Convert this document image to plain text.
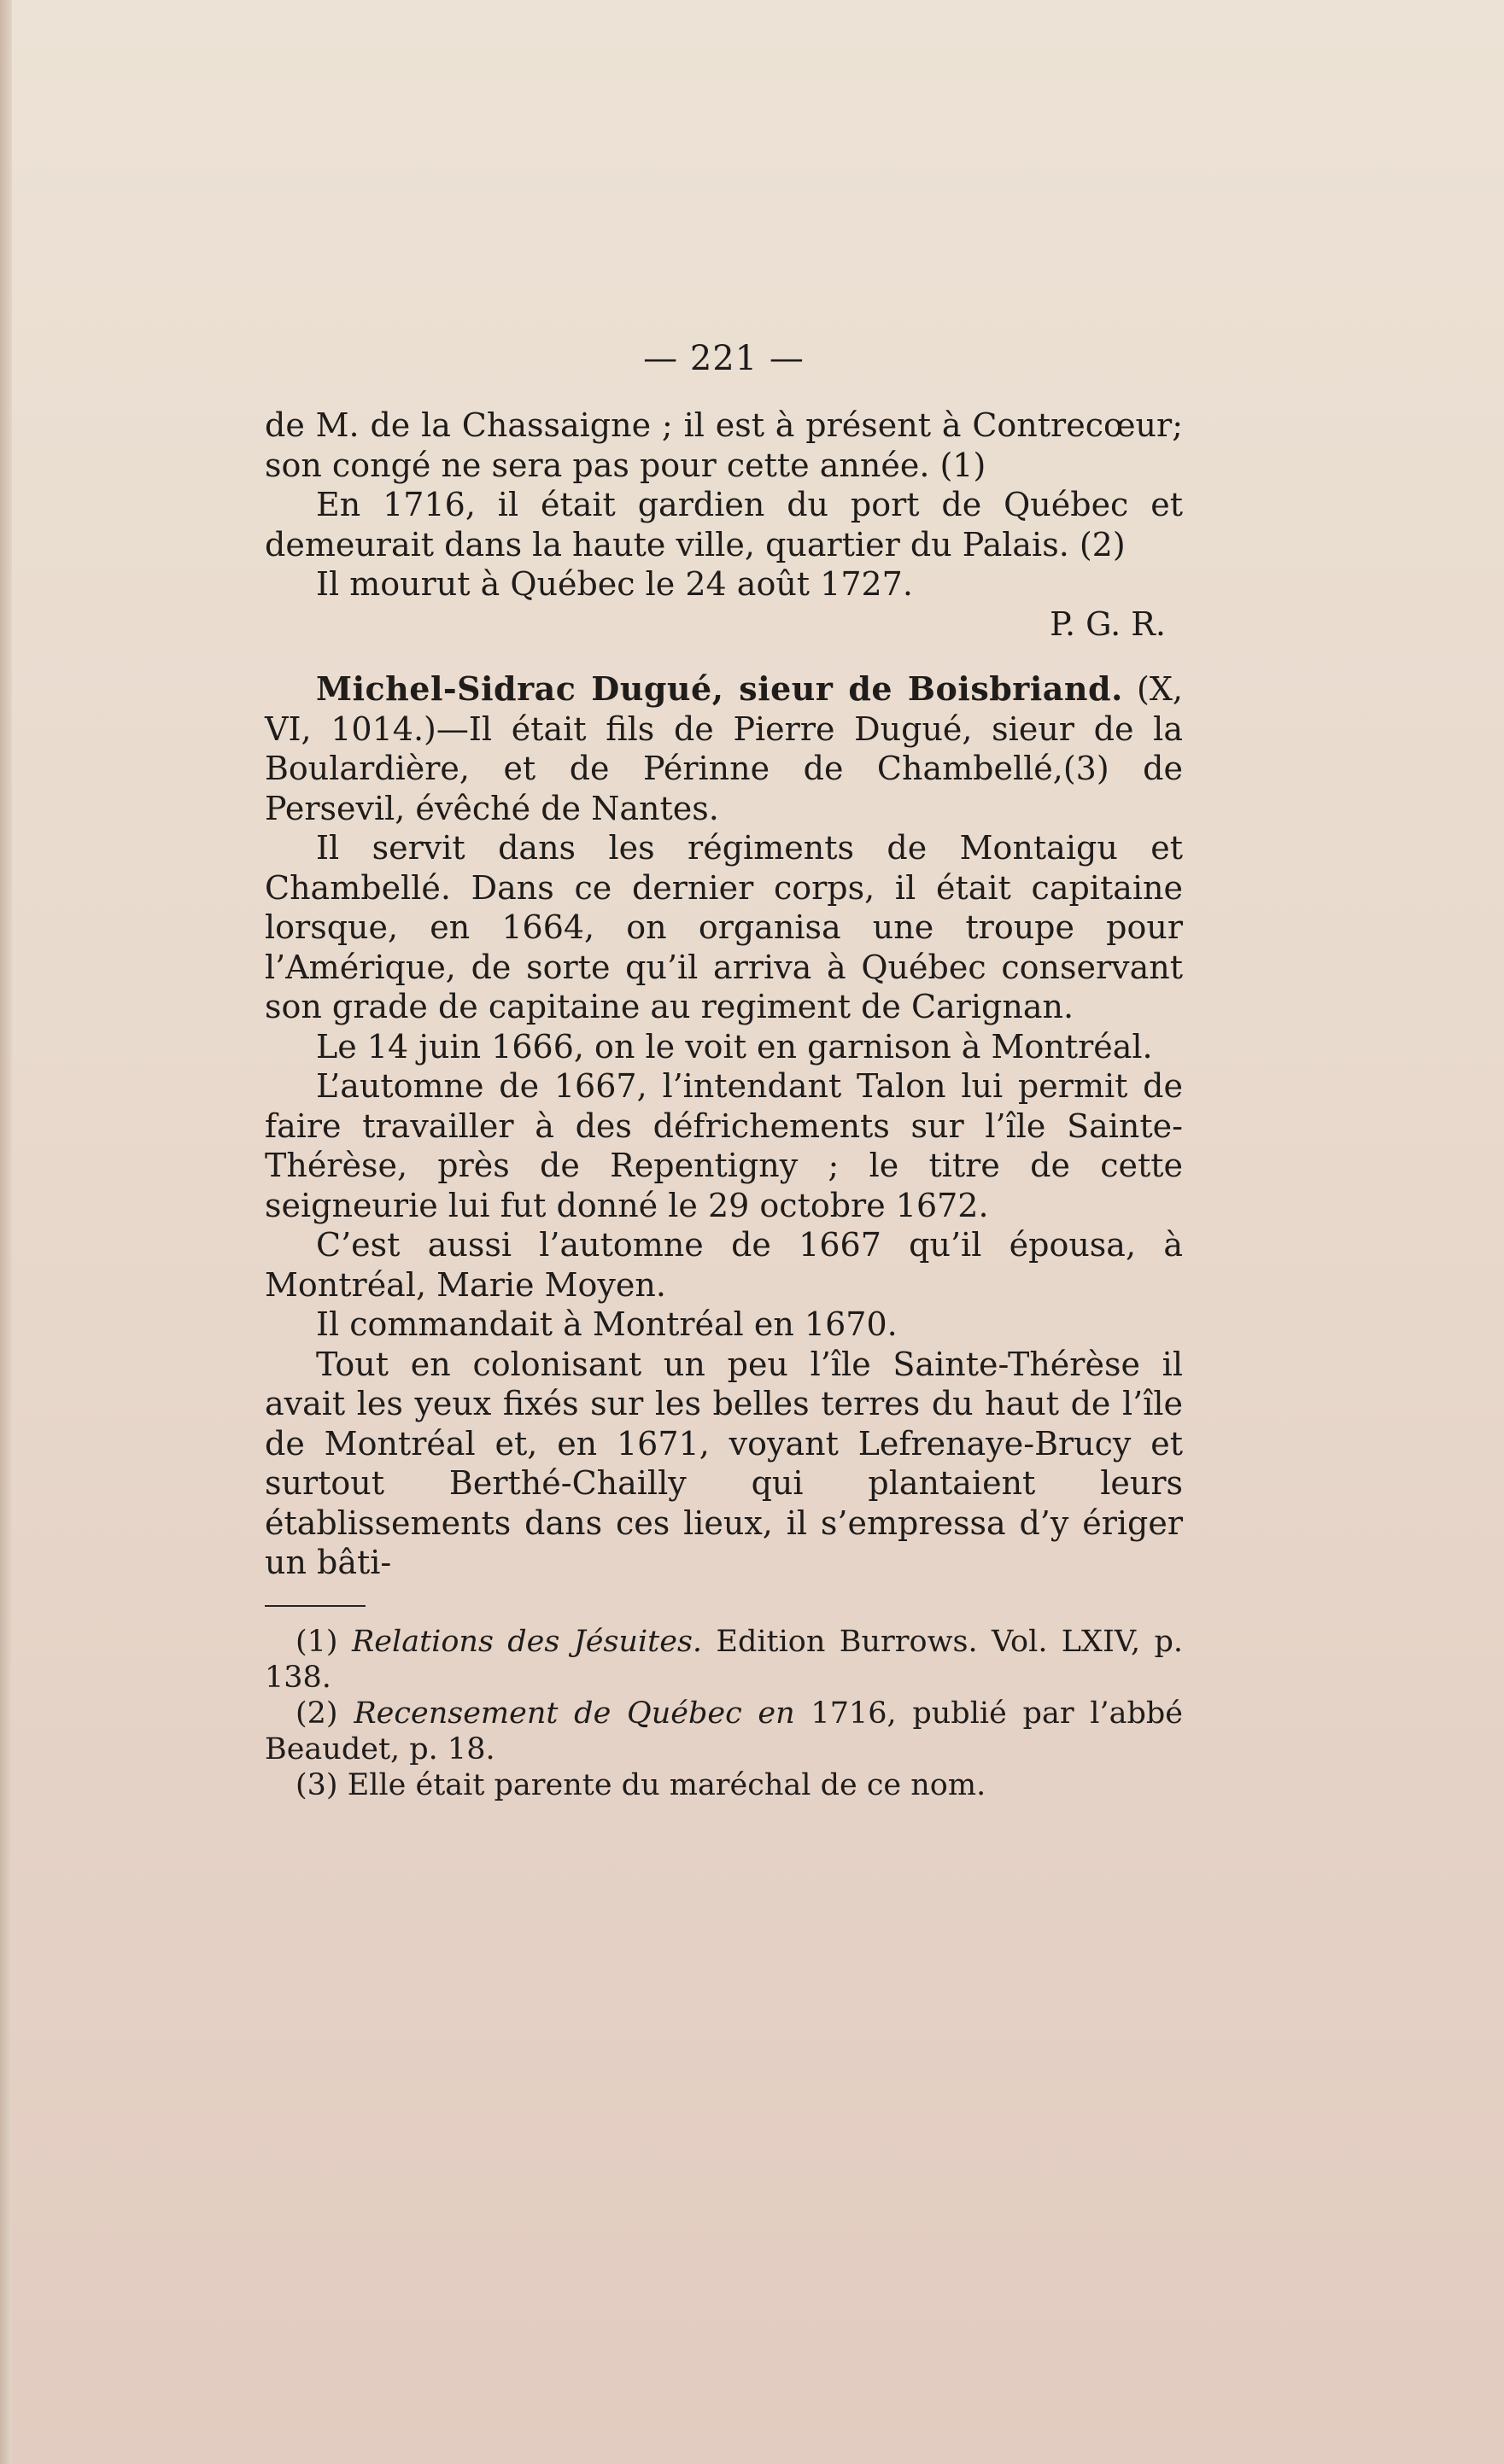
— 221 —

de M. de la Chassaigne ; il est à présent à Contrecœur; son congé ne sera pas pour cette année. (1)

En 1716, il était gardien du port de Québec et demeurait dans la haute ville, quartier du Palais. (2)

Il mourut à Québec le 24 août 1727.

P. G. R.

Michel-Sidrac Dugué, sieur de Boisbriand. (X, VI, 1014.)—Il était fils de Pierre Dugué, sieur de la Boulardière, et de Périnne de Chambellé,(3) de Persevil, évêché de Nantes.

Il servit dans les régiments de Montaigu et Chambellé. Dans ce dernier corps, il était capitaine lorsque, en 1664, on organisa une troupe pour l’Amérique, de sorte qu’il arriva à Québec conservant son grade de capitaine au regiment de Carignan.

Le 14 juin 1666, on le voit en garnison à Montréal.

L’automne de 1667, l’intendant Talon lui permit de faire travailler à des défrichements sur l’île Sainte-Thérèse, près de Repentigny ; le titre de cette seigneurie lui fut donné le 29 octobre 1672.

C’est aussi l’automne de 1667 qu’il épousa, à Montréal, Marie Moyen.

Il commandait à Montréal en 1670.

Tout en colonisant un peu l’île Sainte-Thérèse il avait les yeux fixés sur les belles terres du haut de l’île de Montréal et, en 1671, voyant Lefrenaye-Brucy et surtout Berthé-Chailly qui plantaient leurs établissements dans ces lieux, il s’empressa d’y ériger un bâti-

(1) Relations des Jésuites. Edition Burrows. Vol. LXIV, p. 138.

(2) Recensement de Québec en 1716, publié par l’abbé Beaudet, p. 18.

(3) Elle était parente du maréchal de ce nom.
